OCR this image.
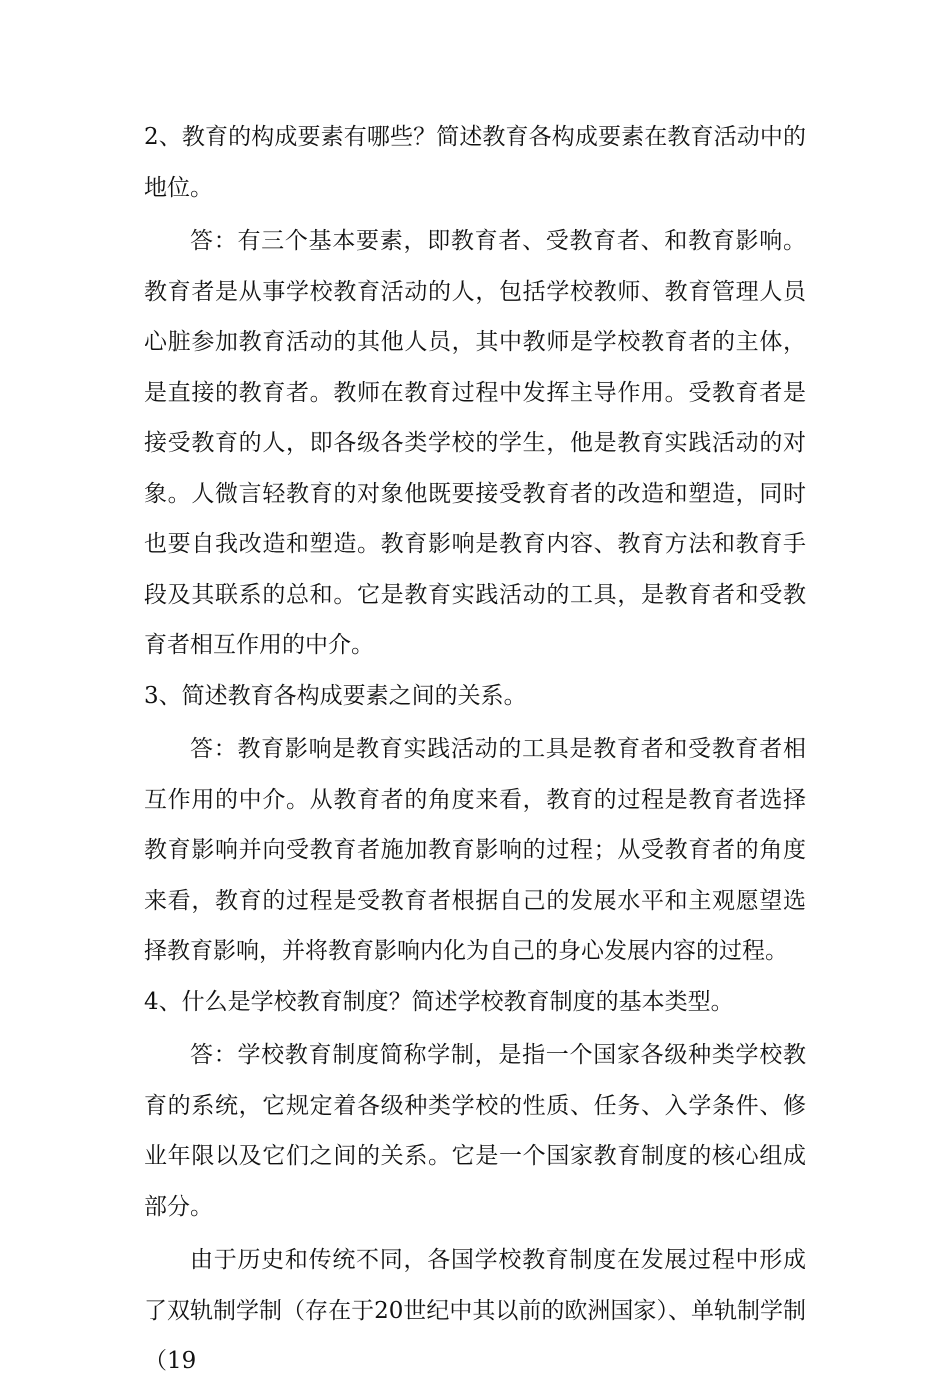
2、教育的构成要素有哪些？简述教育各构成要素在教育活动中的地位。

答：有三个基本要素，即教育者、受教育者、和教育影响。教育者是从事学校教育活动的人，包括学校教师、教育管理人员心脏参加教育活动的其他人员，其中教师是学校教育者的主体，是直接的教育者。教师在教育过程中发挥主导作用。受教育者是接受教育的人，即各级各类学校的学生，他是教育实践活动的对象。人微言轻教育的对象他既要接受教育者的改造和塑造，同时也要自我改造和塑造。教育影响是教育内容、教育方法和教育手段及其联系的总和。它是教育实践活动的工具，是教育者和受教育者相互作用的中介。

3、简述教育各构成要素之间的关系。

答：教育影响是教育实践活动的工具是教育者和受教育者相互作用的中介。从教育者的角度来看，教育的过程是教育者选择教育影响并向受教育者施加教育影响的过程；从受教育者的角度来看，教育的过程是受教育者根据自己的发展水平和主观愿望选择教育影响，并将教育影响内化为自己的身心发展内容的过程。

4、什么是学校教育制度？简述学校教育制度的基本类型。

答：学校教育制度简称学制，是指一个国家各级种类学校教育的系统，它规定着各级种类学校的性质、任务、入学条件、修业年限以及它们之间的关系。它是一个国家教育制度的核心组成部分。

由于历史和传统不同，各国学校教育制度在发展过程中形成了双轨制学制（存在于20世纪中其以前的欧洲国家）、单轨制学制（19
